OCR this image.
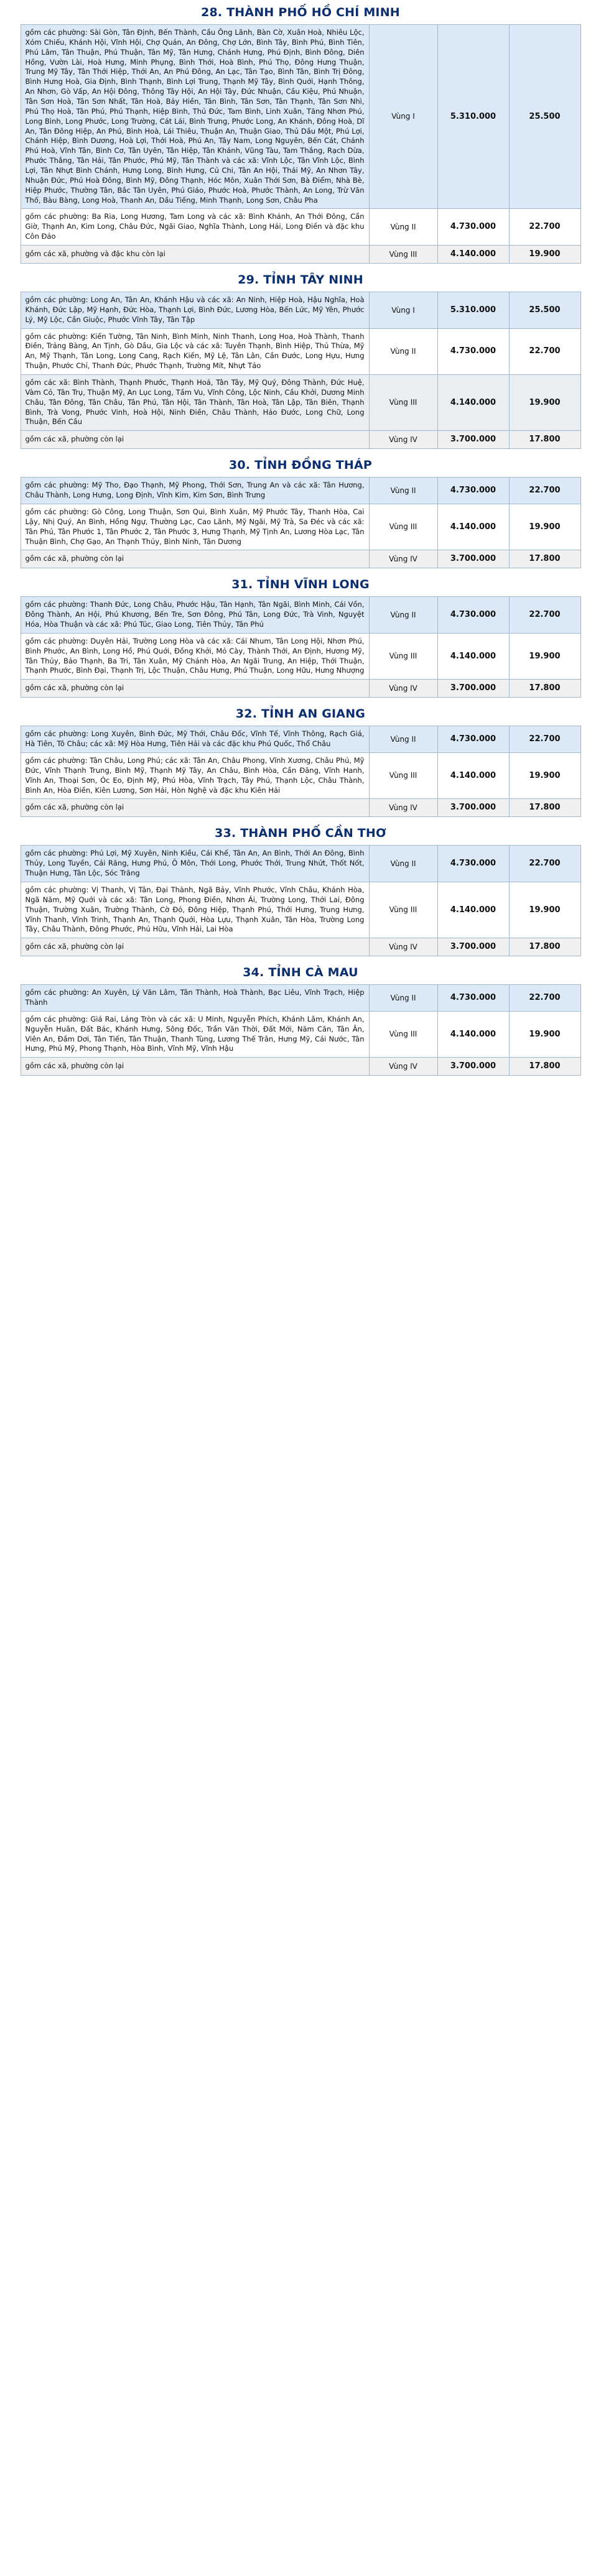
28. THÀNH PHỐ HỒ CHÍ MINH
gồm các phường: Sài Gòn, Tân Định, Bến Thành, Cầu Ông Lãnh, Bàn Cờ, Xuân Hoà, Nhiêu Lộc, Xóm Chiếu, Khánh Hội, Vĩnh Hội, Chợ Quán, An Đông, Chợ Lớn, Bình Tây, Bình Phú, Bình Tiên, Phú Lâm, Tân Thuận, Phú Thuận, Tân Mỹ, Tân Hưng, Chánh Hưng, Phú Định, Bình Đông, Diên Hồng, Vườn Lài, Hoà Hưng, Minh Phụng, Bình Thới, Hoà Bình, Phú Thọ, Đông Hưng Thuận, Trung Mỹ Tây, Tân Thới Hiệp, Thới An, An Phú Đông, An Lạc, Tân Tạo, Bình Tân, Bình Trị Đông, Bình Hưng Hoà, Gia Định, Bình Thạnh, Bình Lợi Trung, Thạnh Mỹ Tây, Bình Quới, Hạnh Thông, An Nhơn, Gò Vấp, An Hội Đông, Thông Tây Hội, An Hội Tây, Đức Nhuận, Cầu Kiệu, Phú Nhuận, Tân Sơn Hoà, Tân Sơn Nhất, Tân Hoà, Bảy Hiền, Tân Bình, Tân Sơn, Tân Thạnh, Tân Sơn Nhì, Phú Thọ Hoà, Tân Phú, Phú Thạnh, Hiệp Bình, Thủ Đức, Tam Bình, Linh Xuân, Tăng Nhơn Phú, Long Bình, Long Phước, Long Trường, Cát Lái, Bình Trưng, Phước Long, An Khánh, Đông Hoà, Dĩ An, Tân Đông Hiệp, An Phú, Bình Hoà, Lái Thiêu, Thuận An, Thuận Giao, Thủ Dầu Một, Phú Lợi, Chánh Hiệp, Bình Dương, Hoà Lợi, Thới Hoà, Phú An, Tây Nam, Long Nguyên, Bến Cát, Chánh Phú Hoà, Vĩnh Tân, Bình Cơ, Tân Uyên, Tân Hiệp, Tân Khánh, Vũng Tàu, Tam Thắng, Rạch Dừa, Phước Thắng, Tân Hải, Tân Phước, Phú Mỹ, Tân Thành và các xã: Vĩnh Lộc, Tân Vĩnh Lộc, Bình Lợi, Tân Nhựt Bình Chánh, Hưng Long, Bình Hưng, Củ Chi, Tân An Hội, Thái Mỹ, An Nhơn Tây, Nhuận Đức, Phú Hoà Đông, Bình Mỹ, Đông Thạnh, Hóc Môn, Xuân Thới Sơn, Bà Điểm, Nhà Bè, Hiệp Phước, Thường Tân, Bắc Tân Uyên, Phú Giáo, Phước Hoà, Phước Thành, An Long, Trừ Văn Thố, Bàu Bàng, Long Hoà, Thanh An, Dầu Tiếng, Minh Thạnh, Long Sơn, Châu Pha	Vùng I	5.310.000	25.500
gồm các phường: Ba Ria, Long Hương, Tam Long và các xã: Bình Khánh, An Thới Đông, Cần Giờ, Thạnh An, Kim Long, Châu Đức, Ngãi Giao, Nghĩa Thành, Long Hải, Long Điền và đặc khu Côn Đảo	Vùng II	4.730.000	22.700
gồm các xã, phường và đặc khu còn lại	Vùng III	4.140.000	19.900
29. TỈNH TÂY NINH
gồm các phường: Long An, Tân An, Khánh Hậu và các xã: An Ninh, Hiệp Hoà, Hậu Nghĩa, Hoà Khánh, Đức Lập, Mỹ Hạnh, Đức Hòa, Thạnh Lợi, Bình Đức, Lương Hòa, Bến Lức, Mỹ Yên, Phước Lý, Mỹ Lộc, Cần Giuộc, Phước Vĩnh Tây, Tân Tập	Vùng I	5.310.000	25.500
gồm các phường: Kiến Tường, Tân Ninh, Bình Minh, Ninh Thanh, Long Hoa, Hoà Thành, Thanh Điền, Trảng Bàng, An Tịnh, Gò Dầu, Gia Lộc và các xã: Tuyên Thạnh, Bình Hiệp, Thủ Thừa, Mỹ An, Mỹ Thạnh, Tân Long, Long Cang, Rạch Kiến, Mỹ Lệ, Tân Lân, Cần Đước, Long Hựu, Hưng Thuận, Phước Chỉ, Thanh Đức, Phước Thạnh, Trường Mít, Nhựt Tảo	Vùng II	4.730.000	22.700
gồm các xã: Bình Thành, Thạnh Phước, Thạnh Hoá, Tân Tây, Mỹ Quý, Đông Thành, Đức Huệ, Vàm Cỏ, Tân Trụ, Thuận Mỹ, An Lục Long, Tầm Vu, Vĩnh Công, Lộc Ninh, Cầu Khởi, Dương Minh Châu, Tân Đông, Tân Châu, Tân Phú, Tân Hội, Tân Thành, Tân Hoà, Tân Lập, Tân Biên, Thạnh Bình, Trà Vong, Phước Vinh, Hoà Hội, Ninh Điền, Châu Thành, Hảo Đước, Long Chữ, Long Thuận, Bến Cầu	Vùng III	4.140.000	19.900
gồm các xã, phường còn lại	Vùng IV	3.700.000	17.800
30. TỈNH ĐỒNG THÁP
gồm các phường: Mỹ Tho, Đạo Thạnh, Mỹ Phong, Thới Sơn, Trung An và các xã: Tân Hương, Châu Thành, Long Hưng, Long Định, Vĩnh Kim, Kim Sơn, Bình Trưng	Vùng II	4.730.000	22.700
gồm các phường: Gò Công, Long Thuận, Sơn Qui, Bình Xuân, Mỹ Phước Tây, Thanh Hòa, Cai Lậy, Nhị Quý, An Bình, Hồng Ngự, Thường Lạc, Cao Lãnh, Mỹ Ngãi, Mỹ Trà, Sa Đéc và các xã: Tân Phú, Tân Phước 1, Tân Phước 2, Tân Phước 3, Hưng Thạnh, Mỹ Tịnh An, Lương Hòa Lạc, Tân Thuận Bình, Chợ Gạo, An Thạnh Thủy, Bình Ninh, Tân Dương	Vùng III	4.140.000	19.900
gồm các xã, phường còn lại	Vùng IV	3.700.000	17.800
31. TỈNH VĨNH LONG
gồm các phường: Thanh Đức, Long Châu, Phước Hậu, Tân Hạnh, Tân Ngãi, Bình Minh, Cái Vồn, Đông Thành, An Hội, Phú Khương, Bến Tre, Sơn Đông, Phú Tân, Long Đức, Trà Vinh, Nguyệt Hóa, Hòa Thuận và các xã: Phú Túc, Giao Long, Tiên Thủy, Tân Phú	Vùng II	4.730.000	22.700
gồm các phường: Duyên Hải, Trường Long Hòa và các xã: Cái Nhum, Tân Long Hội, Nhơn Phú, Bình Phước, An Bình, Long Hồ, Phú Quới, Đồng Khởi, Mỏ Cày, Thành Thới, An Định, Hương Mỹ, Tân Thủy, Bảo Thạnh, Ba Tri, Tân Xuân, Mỹ Chánh Hòa, An Ngãi Trung, An Hiệp, Thới Thuận, Thạnh Phước, Bình Đại, Thạnh Trị, Lộc Thuận, Châu Hưng, Phú Thuận, Long Hữu, Hưng Nhượng	Vùng III	4.140.000	19.900
gồm các xã, phường còn lại	Vùng IV	3.700.000	17.800
32. TỈNH AN GIANG
gồm các phường: Long Xuyên, Bình Đức, Mỹ Thới, Châu Đốc, Vĩnh Tế, Vĩnh Thông, Rạch Giá, Hà Tiên, Tô Châu; các xã: Mỹ Hòa Hưng, Tiên Hải và các đặc khu Phú Quốc, Thổ Châu	Vùng II	4.730.000	22.700
gồm các phường: Tân Châu, Long Phú; các xã: Tân An, Châu Phong, Vĩnh Xương, Châu Phú, Mỹ Đức, Vĩnh Thạnh Trung, Bình Mỹ, Thạnh Mỹ Tây, An Châu, Bình Hòa, Cần Đăng, Vĩnh Hanh, Vĩnh An, Thoại Sơn, Óc Eo, Định Mỹ, Phú Hòa, Vĩnh Trạch, Tây Phú, Thạnh Lộc, Châu Thành, Bình An, Hòa Điền, Kiên Lương, Sơn Hải, Hòn Nghệ và đặc khu Kiên Hải	Vùng III	4.140.000	19.900
gồm các xã, phường còn lại	Vùng IV	3.700.000	17.800
33. THÀNH PHỐ CẦN THƠ
gồm các phường: Phú Lợi, Mỹ Xuyên, Ninh Kiều, Cái Khế, Tân An, An Bình, Thới An Đông, Bình Thủy, Long Tuyền, Cái Răng, Hưng Phú, Ô Môn, Thới Long, Phước Thới, Trung Nhứt, Thốt Nốt, Thuận Hưng, Tân Lộc, Sóc Trăng	Vùng II	4.730.000	22.700
gồm các phường: Vị Thanh, Vị Tân, Đại Thành, Ngã Bảy, Vĩnh Phước, Vĩnh Châu, Khánh Hòa, Ngã Năm, Mỹ Quới và các xã: Tân Long, Phong Điền, Nhơn Ái, Trường Long, Thới Lai, Đông Thuận, Trường Xuân, Trường Thành, Cờ Đỏ, Đông Hiệp, Thạnh Phú, Thới Hưng, Trung Hưng, Vĩnh Thanh, Vĩnh Trinh, Thạnh An, Thạnh Quới, Hòa Lựu, Thạnh Xuân, Tân Hòa, Trường Long Tây, Châu Thành, Đông Phước, Phú Hữu, Vĩnh Hải, Lai Hòa	Vùng III	4.140.000	19.900
gồm các xã, phường còn lại	Vùng IV	3.700.000	17.800
34. TỈNH CÀ MAU
gồm các phường: An Xuyên, Lý Văn Lâm, Tân Thành, Hoà Thành, Bạc Liêu, Vĩnh Trạch, Hiệp Thành	Vùng II	4.730.000	22.700
gồm các phường: Giá Rai, Láng Tròn và các xã: U Minh, Nguyễn Phích, Khánh Lâm, Khánh An, Nguyễn Huân, Đất Bác, Khánh Hưng, Sông Đốc, Trần Văn Thời, Đất Mới, Năm Căn, Tân Ân, Viên An, Đầm Dơi, Tân Tiến, Tân Thuận, Thanh Tùng, Lương Thế Trân, Hưng Mỹ, Cái Nước, Tân Hưng, Phú Mỹ, Phong Thạnh, Hòa Bình, Vĩnh Mỹ, Vĩnh Hậu	Vùng III	4.140.000	19.900
gồm các xã, phường còn lại	Vùng IV	3.700.000	17.800
